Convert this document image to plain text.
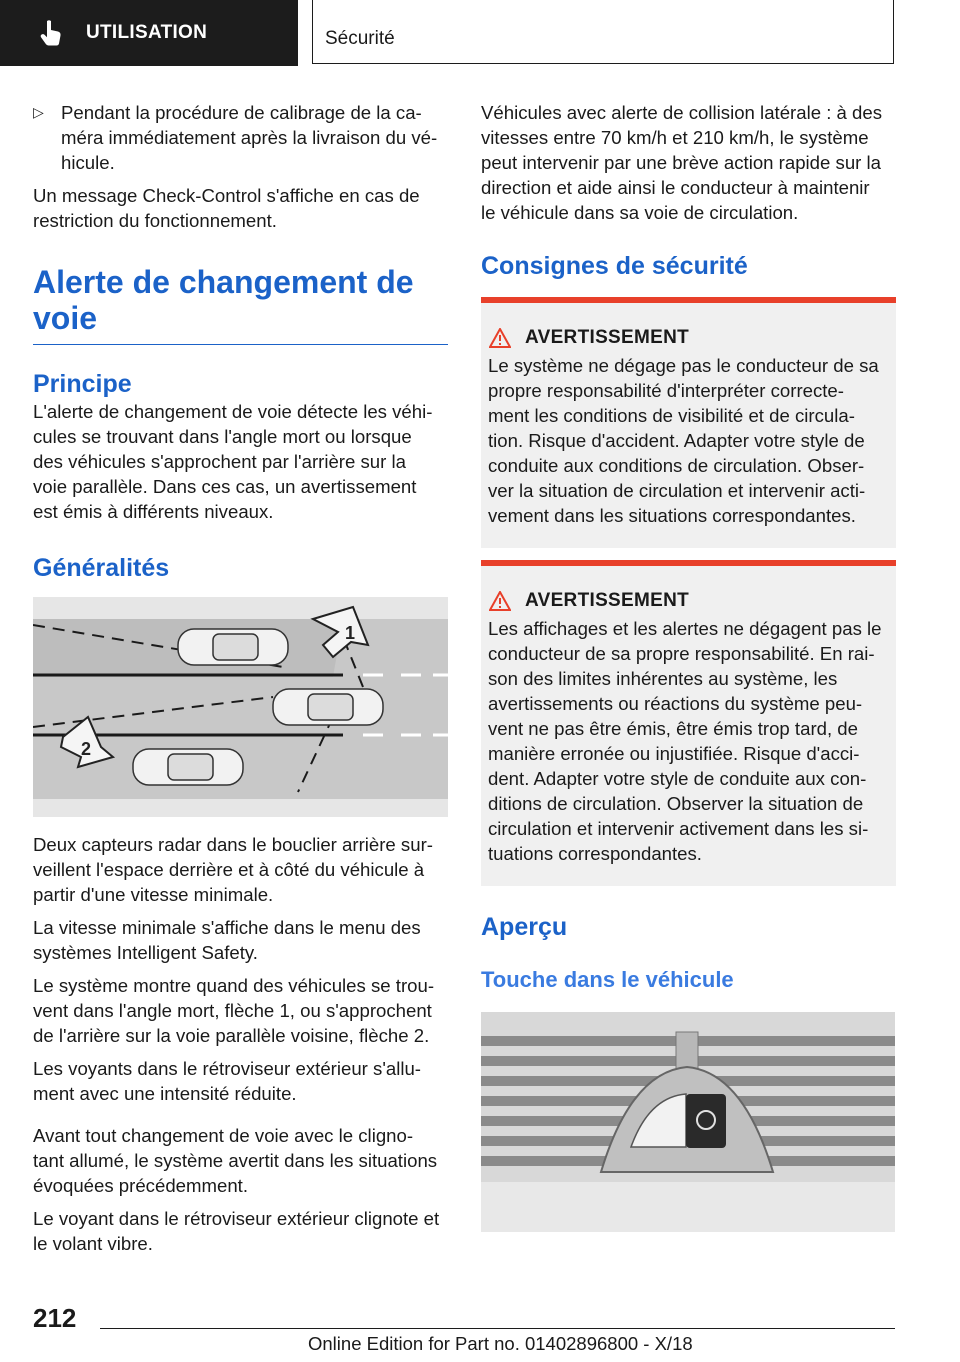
UTILISATION	Sécurité
▷ Pendant la procédure de calibrage de la ca-

méra immédiatement après la livraison du vé-

hicule.

Un message Check-Control s'affiche en cas de

restriction du fonctionnement.

Alerte de changement de
voie
Principe

L'alerte de changement de voie détecte les véhi-

cules se trouvant dans l'angle mort ou lorsque

des véhicules s'approchent par l'arrière sur la

voie parallèle. Dans ces cas, un avertissement

est émis à différents niveaux.

Généralités
1
2

Deux capteurs radar dans le bouclier arrière sur-

veillent l'espace derrière et à côté du véhicule à

partir d'une vitesse minimale.

La vitesse minimale s'affiche dans le menu des

systèmes Intelligent Safety.

Le système montre quand des véhicules se trou-

vent dans l'angle mort, flèche 1, ou s'approchent

de l'arrière sur la voie parallèle voisine, flèche 2.

Les voyants dans le rétroviseur extérieur s'allu-

ment avec une intensité réduite.

Avant tout changement de voie avec le cligno-

tant allumé, le système avertit dans les situations

évoquées précédemment.

Le voyant dans le rétroviseur extérieur clignote et

le volant vibre.

Véhicules avec alerte de collision latérale : à des

vitesses entre 70 km/h et 210 km/h, le système

peut intervenir par une brève action rapide sur la

direction et aide ainsi le conducteur à maintenir

le véhicule dans sa voie de circulation.

Consignes de sécurité
AVERTISSEMENT

Le système ne dégage pas le conducteur de sa

propre responsabilité d'interpréter correcte-

ment les conditions de visibilité et de circula-

tion. Risque d'accident. Adapter votre style de

conduite aux conditions de circulation. Obser-

ver la situation de circulation et intervenir acti-

vement dans les situations correspondantes.

AVERTISSEMENT

Les affichages et les alertes ne dégagent pas le

conducteur de sa propre responsabilité. En rai-

son des limites inhérentes au système, les

avertissements ou réactions du système peu-

vent ne pas être émis, être émis trop tard, de

manière erronée ou injustifiée. Risque d'acci-

dent. Adapter votre style de conduite aux con-

ditions de circulation. Observer la situation de

circulation et intervenir activement dans les si-

tuations correspondantes.

Aperçu
Touche dans le véhicule
212
Online Edition for Part no. 01402896800 - X/18
